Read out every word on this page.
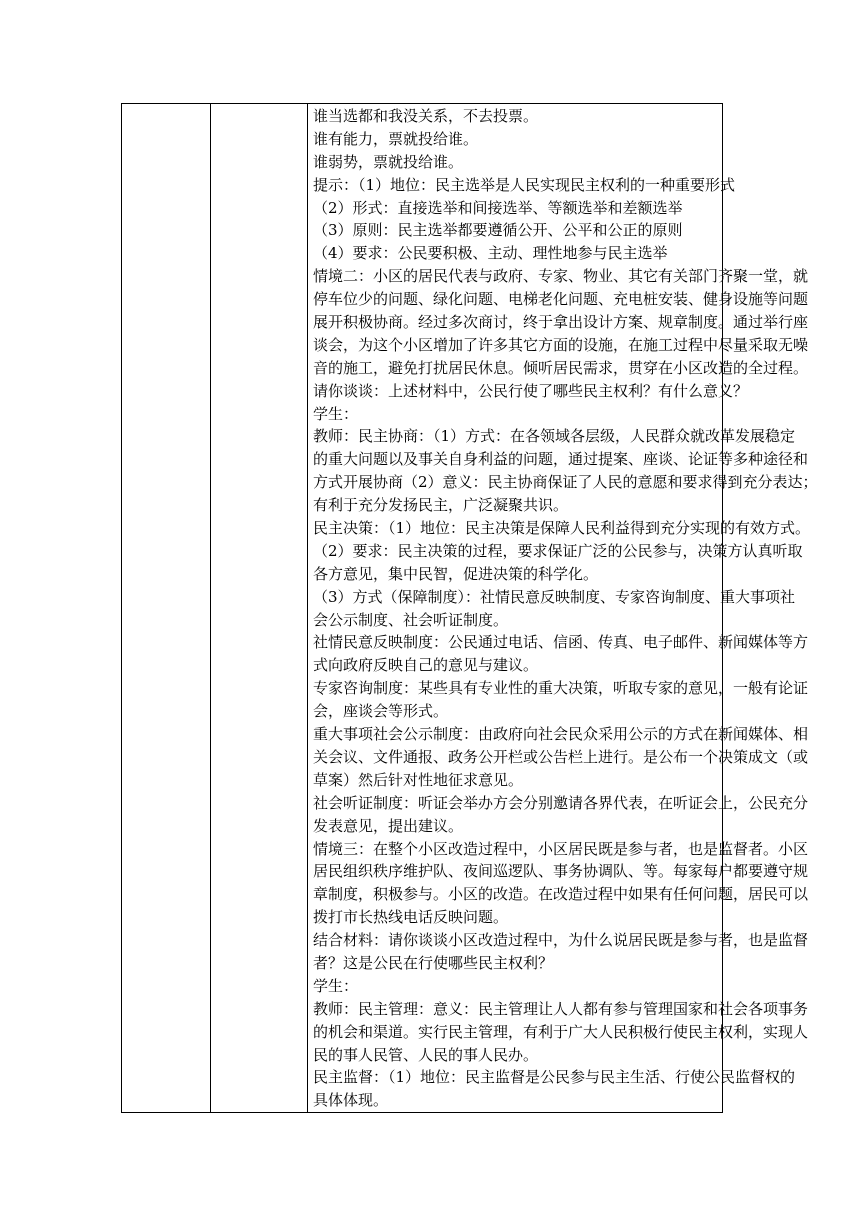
谁当选都和我没关系，不去投票。
谁有能力，票就投给谁。
谁弱势，票就投给谁。
提示：（1）地位：民主选举是人民实现民主权利的一种重要形式
（2）形式：直接选举和间接选举、等额选举和差额选举
（3）原则：民主选举都要遵循公开、公平和公正的原则
（4）要求：公民要积极、主动、理性地参与民主选举
情境二：小区的居民代表与政府、专家、物业、其它有关部门齐聚一堂，就
停车位少的问题、绿化问题、电梯老化问题、充电桩安装、健身设施等问题
展开积极协商。经过多次商讨，终于拿出设计方案、规章制度。通过举行座
谈会，为这个小区增加了许多其它方面的设施，在施工过程中尽量采取无噪
音的施工，避免打扰居民休息。倾听居民需求，贯穿在小区改造的全过程。
请你谈谈：上述材料中，公民行使了哪些民主权利？有什么意义？
学生：
教师：民主协商：（1）方式：在各领域各层级，人民群众就改革发展稳定
的重大问题以及事关自身利益的问题，通过提案、座谈、论证等多种途径和
方式开展协商（2）意义：民主协商保证了人民的意愿和要求得到充分表达；
有利于充分发扬民主，广泛凝聚共识。
民主决策：（1）地位：民主决策是保障人民利益得到充分实现的有效方式。
（2）要求：民主决策的过程，要求保证广泛的公民参与，决策方认真听取
各方意见，集中民智，促进决策的科学化。
（3）方式（保障制度）：社情民意反映制度、专家咨询制度、重大事项社
会公示制度、社会听证制度。
社情民意反映制度：公民通过电话、信函、传真、电子邮件、新闻媒体等方
式向政府反映自己的意见与建议。
专家咨询制度：某些具有专业性的重大决策，听取专家的意见，一般有论证
会，座谈会等形式。
重大事项社会公示制度：由政府向社会民众采用公示的方式在新闻媒体、相
关会议、文件通报、政务公开栏或公告栏上进行。是公布一个决策成文（或
草案）然后针对性地征求意见。
社会听证制度：听证会举办方会分别邀请各界代表，在听证会上，公民充分
发表意见，提出建议。
情境三：在整个小区改造过程中，小区居民既是参与者，也是监督者。小区
居民组织秩序维护队、夜间巡逻队、事务协调队、等。每家每户都要遵守规
章制度，积极参与。小区的改造。在改造过程中如果有任何问题，居民可以
拨打市长热线电话反映问题。
结合材料：请你谈谈小区改造过程中，为什么说居民既是参与者，也是监督
者？这是公民在行使哪些民主权利？
学生：
教师：民主管理：意义：民主管理让人人都有参与管理国家和社会各项事务
的机会和渠道。实行民主管理，有利于广大人民积极行使民主权利，实现人
民的事人民管、人民的事人民办。
民主监督：（1）地位：民主监督是公民参与民主生活、行使公民监督权的
具体体现。
